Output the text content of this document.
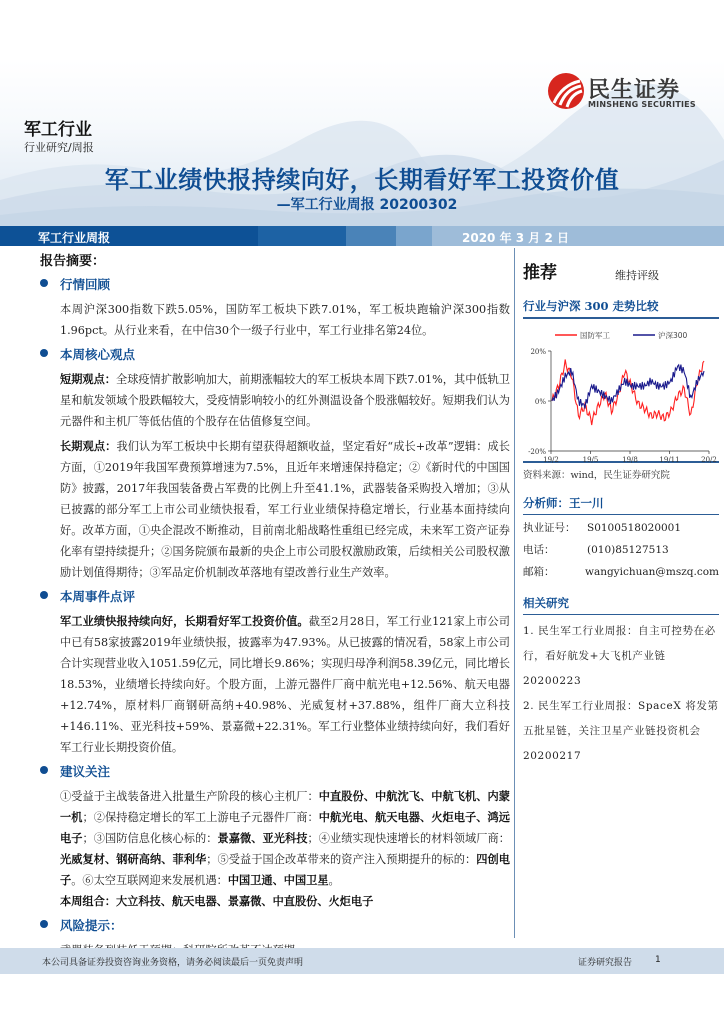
民生证券
MINSHENG SECURITIES
军工行业
行业研究/周报
军工业绩快报持续向好，长期看好军工投资价值
—军工行业周报 20200302
军工行业周报	2020 年 3 月 2 日
报告摘要：
行情回顾
本周沪深300指数下跌5.05%，国防军工板块下跌7.01%，军工板块跑输沪深300指数1.96pct。从行业来看，在中信30个一级子行业中，军工行业排名第24位。
本周核心观点
短期观点：全球疫情扩散影响加大，前期涨幅较大的军工板块本周下跌7.01%，其中低轨卫星和航发领域个股跌幅较大，受疫情影响较小的红外测温设备个股涨幅较好。短期我们认为元器件和主机厂等低估值的个股存在估值修复空间。
长期观点：我们认为军工板块中长期有望获得超额收益，坚定看好“成长+改革”逻辑：成长方面，①2019年我国军费预算增速为7.5%，且近年来增速保持稳定；②《新时代的中国国防》披露，2017年我国装备费占军费的比例上升至41.1%，武器装备采购投入增加；③从已披露的部分军工上市公司业绩快报看，军工行业业绩保持稳定增长，行业基本面持续向好。改革方面，①央企混改不断推动，目前南北船战略性重组已经完成，未来军工资产证券化率有望持续提升；②国务院颁布最新的央企上市公司股权激励政策，后续相关公司股权激励计划值得期待；③军品定价机制改革落地有望改善行业生产效率。
本周事件点评
军工业绩快报持续向好，长期看好军工投资价值。截至2月28日，军工行业121家上市公司中已有58家披露2019年业绩快报，披露率为47.93%。从已披露的情况看，58家上市公司合计实现营业收入1051.59亿元，同比增长9.86%；实现归母净利润58.39亿元，同比增长18.53%，业绩增长持续向好。个股方面，上游元器件厂商中航光电+12.56%、航天电器+12.74%，原材料厂商钢研高纳+40.98%、光威复材+37.88%，组件厂商大立科技+146.11%、亚光科技+59%、景嘉微+22.31%。军工行业整体业绩持续向好，我们看好军工行业长期投资价值。
建议关注
①受益于主战装备进入批量生产阶段的核心主机厂：中直股份、中航沈飞、中航飞机、内蒙一机；②保持稳定增长的军工上游电子元器件厂商：中航光电、航天电器、火炬电子、鸿远电子；③国防信息化核心标的：景嘉微、亚光科技；④业绩实现快速增长的材料领域厂商：光威复材、钢研高纳、菲利华；⑤受益于国企改革带来的资产注入预期提升的标的：四创电子。⑥太空互联网迎来发展机遇：中国卫通、中国卫星。
本周组合：大立科技、航天电器、景嘉微、中直股份、火炬电子
风险提示：
推荐	维持评级
行业与沪深 300 走势比较
国防军工	沪深300
20%
0%
-20%
19/2	19/5	19/8	19/11	20/2
资料来源：wind，民生证券研究院
分析师：王一川
执业证号：	S0100518020001
电话：	(010)85127513
邮箱：	wangyichuan@mszq.com
相关研究
1. 民生军工行业周报：自主可控势在必行，看好航发+大飞机产业链 20200223
2. 民生军工行业周报：SpaceX 将发第五批星链，关注卫星产业链投资机会 20200217
本公司具备证券投资咨询业务资格，请务必阅读最后一页免责声明	证券研究报告	1
